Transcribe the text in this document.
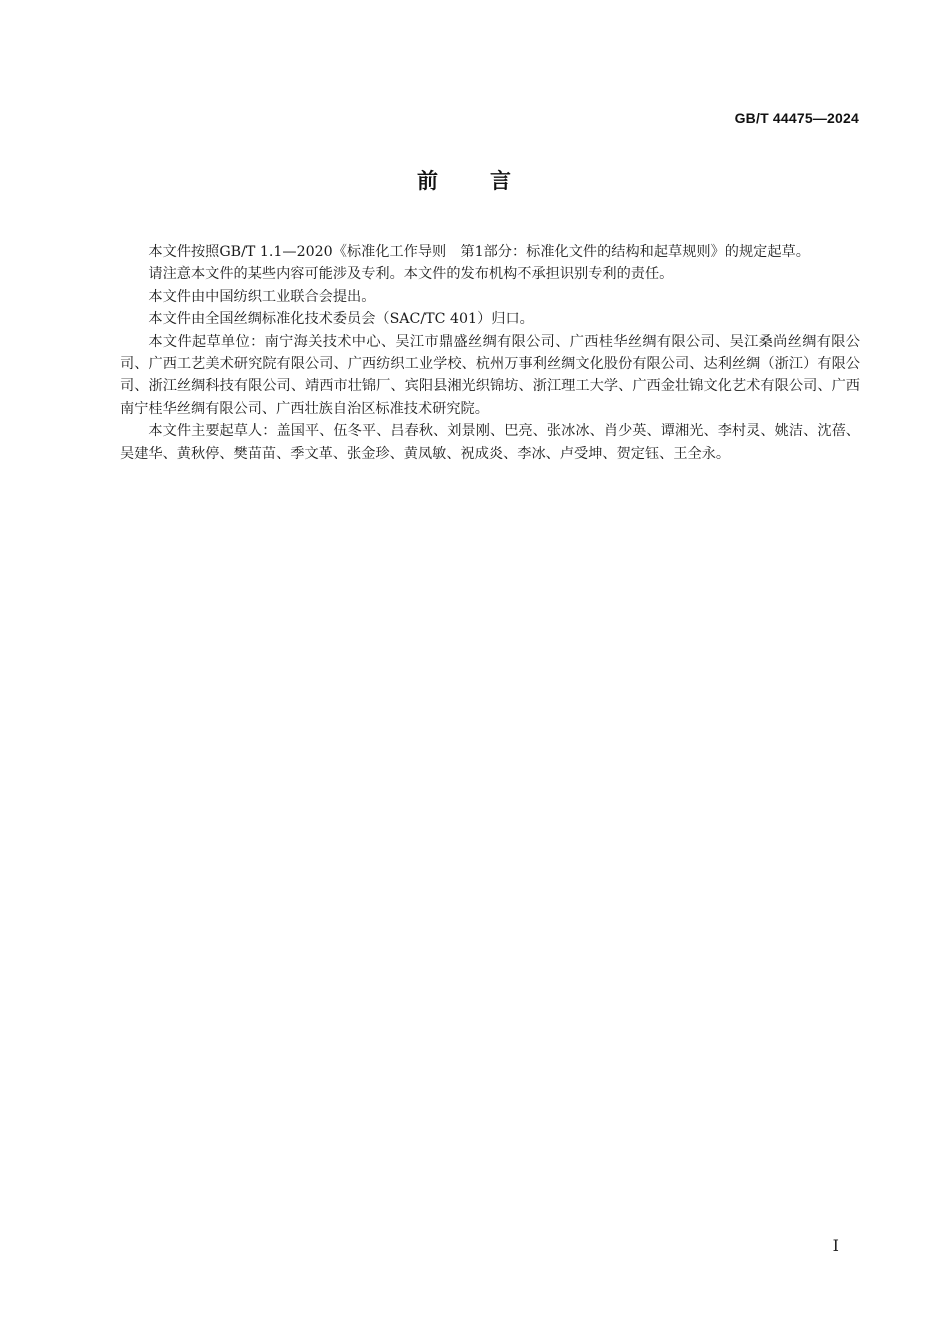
GB/T 44475—2024
前言

本文件按照GB/T 1.1—2020《标准化工作导则　第1部分：标准化文件的结构和起草规则》的规定起草。

请注意本文件的某些内容可能涉及专利。本文件的发布机构不承担识别专利的责任。

本文件由中国纺织工业联合会提出。

本文件由全国丝绸标准化技术委员会（SAC/TC 401）归口。

本文件起草单位：南宁海关技术中心、吴江市鼎盛丝绸有限公司、广西桂华丝绸有限公司、吴江桑尚丝绸有限公司、广西工艺美术研究院有限公司、广西纺织工业学校、杭州万事利丝绸文化股份有限公司、达利丝绸（浙江）有限公司、浙江丝绸科技有限公司、靖西市壮锦厂、宾阳县湘光织锦坊、浙江理工大学、广西金壮锦文化艺术有限公司、广西南宁桂华丝绸有限公司、广西壮族自治区标准技术研究院。

本文件主要起草人：盖国平、伍冬平、吕春秋、刘景刚、巴亮、张冰冰、肖少英、谭湘光、李村灵、姚洁、沈蓓、吴建华、黄秋停、樊苗苗、季文革、张金珍、黄凤敏、祝成炎、李冰、卢受坤、贺定钰、王全永。

I
